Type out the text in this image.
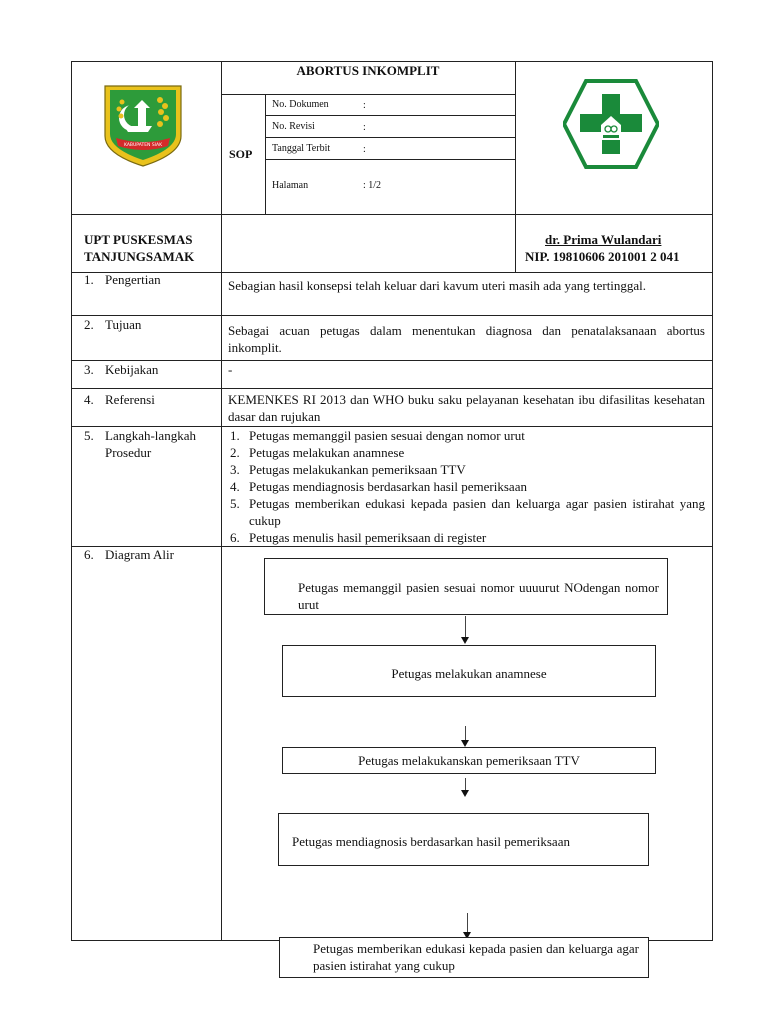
KABUPATEN SIAK
ABORTUS INKOMPLIT
SOP
No. Dokumen	:
No. Revisi	:
Tanggal Terbit	:
Halaman	: 1/2
UPT PUSKESMAS
TANJUNGSAMAK
dr. Prima Wulandari
NIP. 19810606 201001 2 041
1. Pengertian	Sebagian hasil konsepsi telah keluar dari kavum uteri masih ada yang tertinggal.
2. Tujuan	Sebagai acuan petugas dalam menentukan diagnosa dan penatalaksanaan abortus inkomplit.
3. Kebijakan	-
4. Referensi	KEMENKES RI 2013 dan WHO buku saku pelayanan kesehatan ibu difasilitas kesehatan dasar dan rujukan
5. Langkah-langkah Prosedur
1. Petugas memanggil pasien sesuai dengan nomor urut
2. Petugas melakukan anamnese
3. Petugas melakukankan pemeriksaan TTV
4. Petugas mendiagnosis berdasarkan hasil pemeriksaan
5. Petugas memberikan edukasi kepada pasien dan keluarga agar pasien istirahat yang cukup
6. Petugas menulis hasil pemeriksaan di register
6. Diagram Alir
Petugas memanggil pasien sesuai nomor uuuurut NOdengan nomor urut
Petugas melakukan anamnese
Petugas melakukanskan pemeriksaan TTV
Petugas mendiagnosis berdasarkan hasil pemeriksaan
Petugas memberikan edukasi kepada pasien dan keluarga agar pasien istirahat yang cukup
